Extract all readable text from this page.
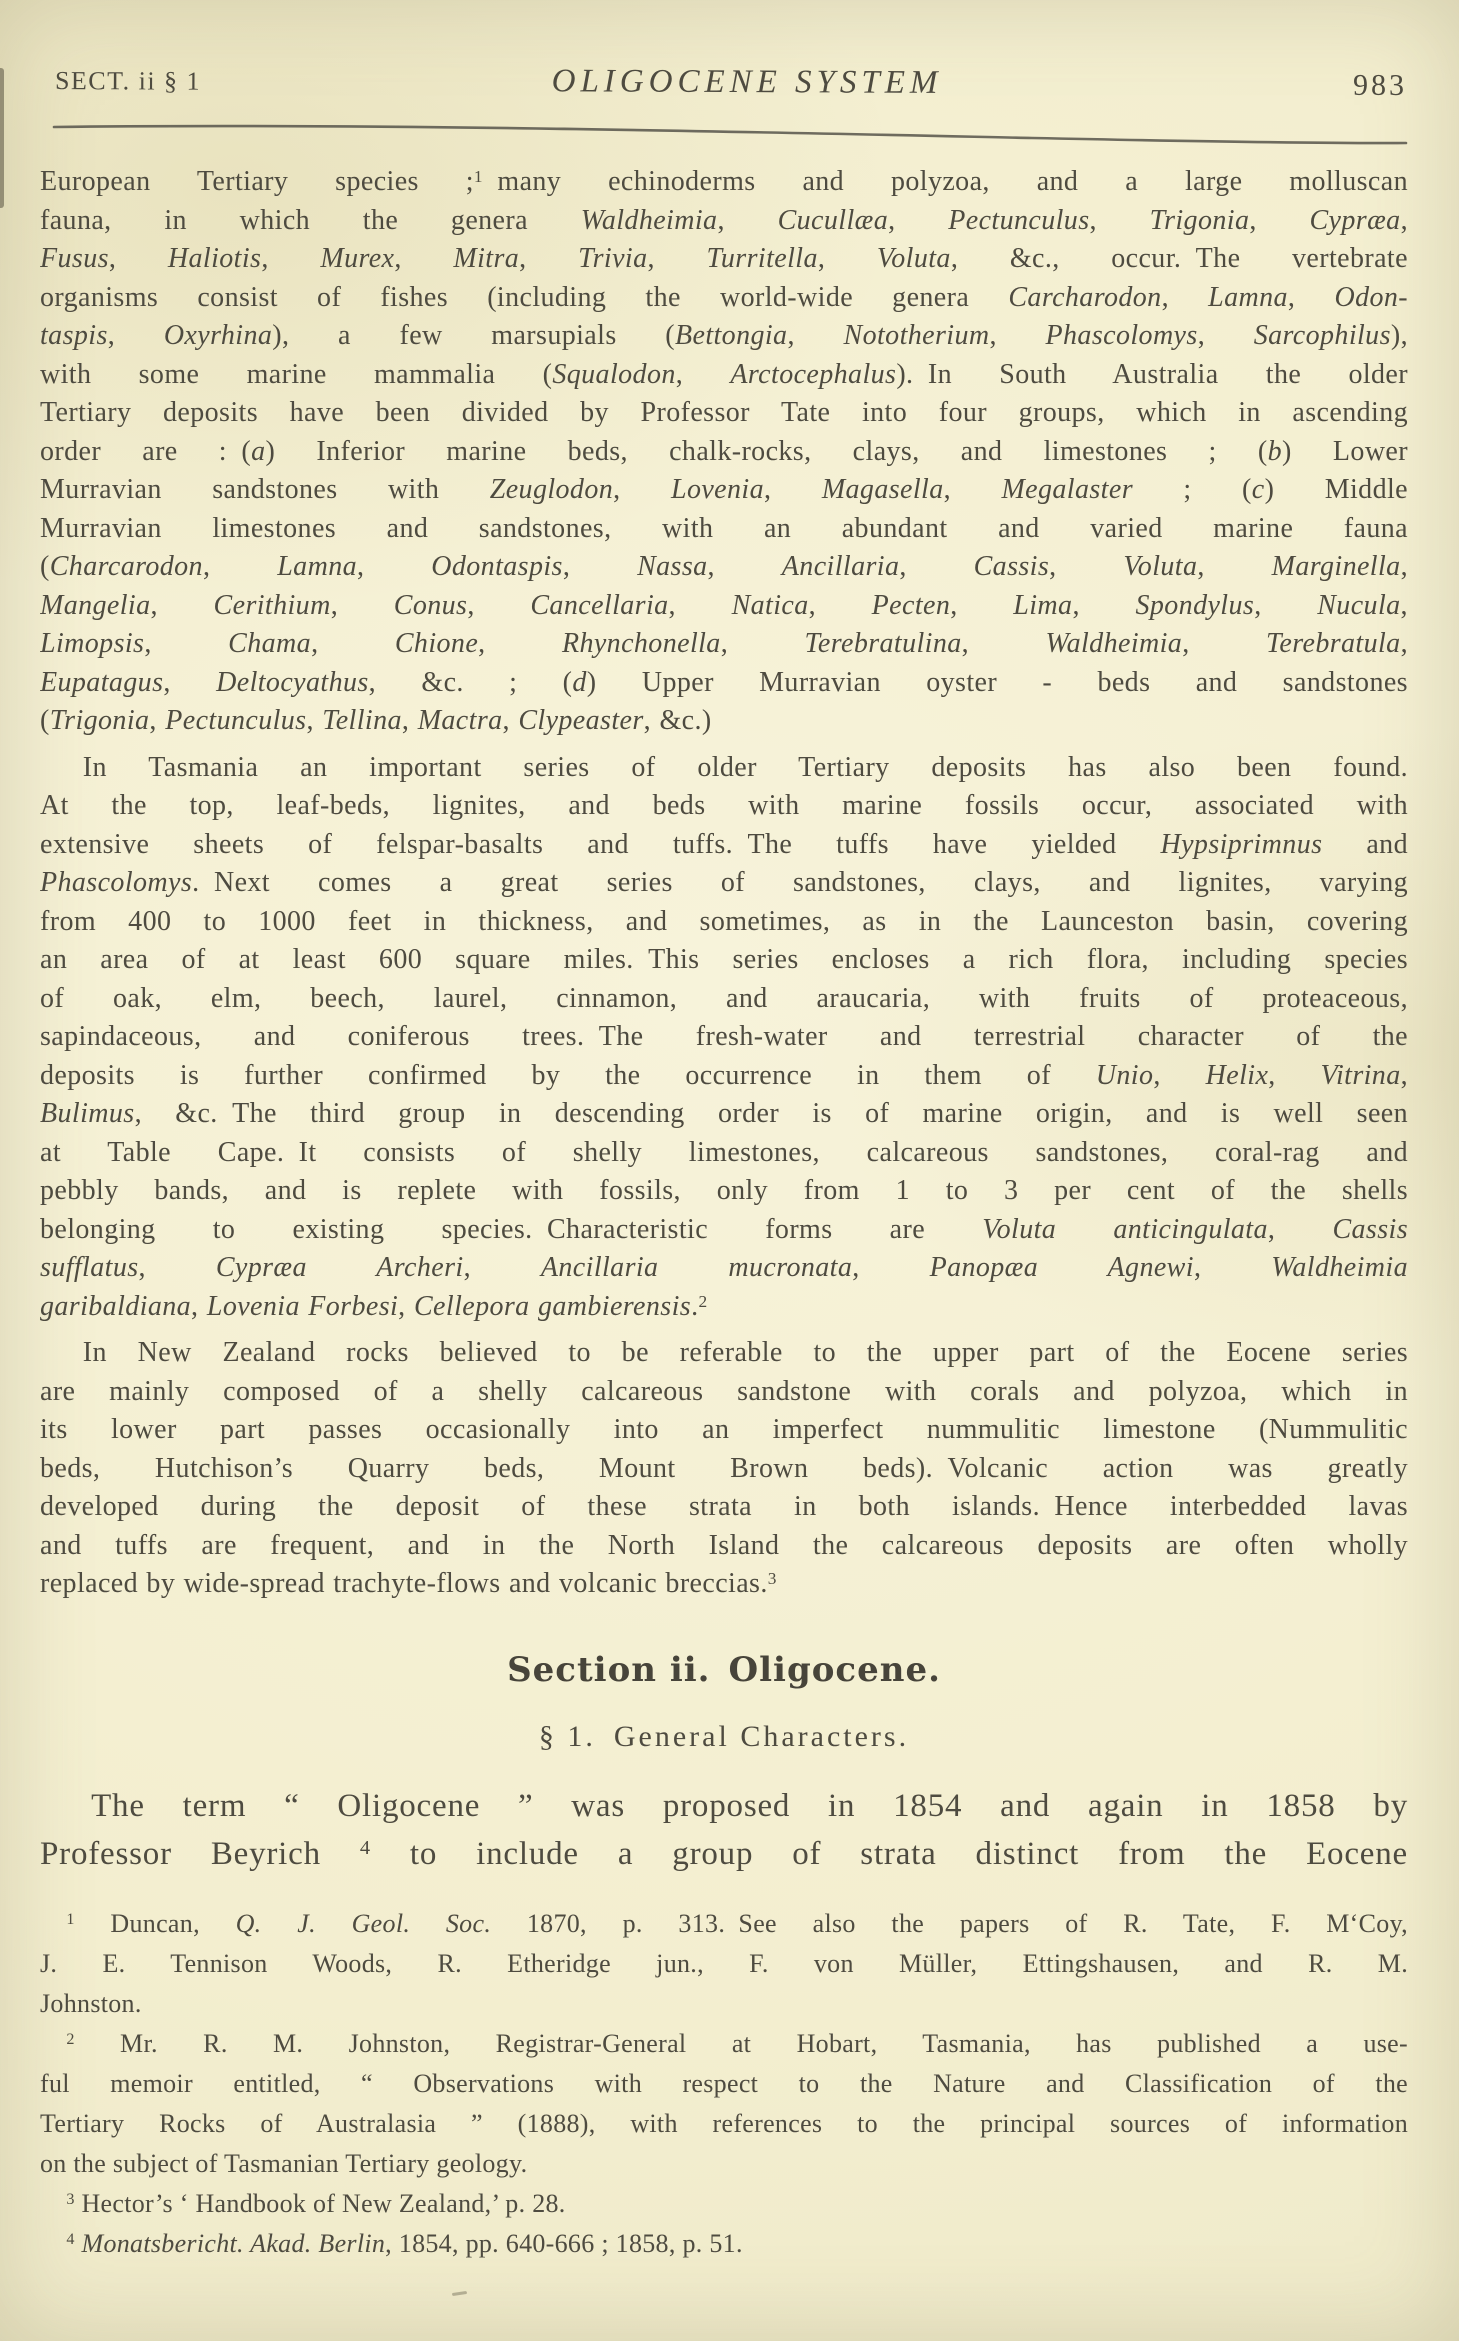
SECT. ii § 1	OLIGOCENE SYSTEM	983
European Tertiary species ;$^1$ many echinoderms and polyzoa, and a large molluscan
fauna, in which the genera Waldheimia, Cucullæa, Pectunculus, Trigonia, Cypræa,
Fusus, Haliotis, Murex, Mitra, Trivia, Turritella, Voluta, &c., occur. The vertebrate
organisms consist of fishes (including the world-wide genera Carcharodon, Lamna, Odon-
taspis, Oxyrhina), a few marsupials (Bettongia, Nototherium, Phascolomys, Sarcophilus),
with some marine mammalia (Squalodon, Arctocephalus). In South Australia the older
Tertiary deposits have been divided by Professor Tate into four groups, which in ascending
order are : (a) Inferior marine beds, chalk-rocks, clays, and limestones ; (b) Lower
Murravian sandstones with Zeuglodon, Lovenia, Magasella, Megalaster ; (c) Middle
Murravian limestones and sandstones, with an abundant and varied marine fauna
(Charcarodon, Lamna, Odontaspis, Nassa, Ancillaria, Cassis, Voluta, Marginella,
Mangelia, Cerithium, Conus, Cancellaria, Natica, Pecten, Lima, Spondylus, Nucula,
Limopsis, Chama, Chione, Rhynchonella, Terebratulina, Waldheimia, Terebratula,
Eupatagus, Deltocyathus, &c. ; (d) Upper Murravian oyster - beds and sandstones
(Trigonia, Pectunculus, Tellina, Mactra, Clypeaster, &c.)
  In Tasmania an important series of older Tertiary deposits has also been found.
At the top, leaf-beds, lignites, and beds with marine fossils occur, associated with
extensive sheets of felspar-basalts and tuffs. The tuffs have yielded Hypsiprimnus and
Phascolomys. Next comes a great series of sandstones, clays, and lignites, varying
from 400 to 1000 feet in thickness, and sometimes, as in the Launceston basin, covering
an area of at least 600 square miles. This series encloses a rich flora, including species
of oak, elm, beech, laurel, cinnamon, and araucaria, with fruits of proteaceous,
sapindaceous, and coniferous trees. The fresh-water and terrestrial character of the
deposits is further confirmed by the occurrence in them of Unio, Helix, Vitrina,
Bulimus, &c. The third group in descending order is of marine origin, and is well seen
at Table Cape. It consists of shelly limestones, calcareous sandstones, coral-rag and
pebbly bands, and is replete with fossils, only from 1 to 3 per cent of the shells
belonging to existing species. Characteristic forms are Voluta anticingulata, Cassis
sufflatus, Cypræa Archeri, Ancillaria mucronata, Panopæa Agnewi, Waldheimia
garibaldiana, Lovenia Forbesi, Cellepora gambierensis.$^2$
  In New Zealand rocks believed to be referable to the upper part of the Eocene series
are mainly composed of a shelly calcareous sandstone with corals and polyzoa, which in
its lower part passes occasionally into an imperfect nummulitic limestone (Nummulitic
beds, Hutchison’s Quarry beds, Mount Brown beds). Volcanic action was greatly
developed during the deposit of these strata in both islands. Hence interbedded lavas
and tuffs are frequent, and in the North Island the calcareous deposits are often wholly
replaced by wide-spread trachyte-flows and volcanic breccias.$^3$
Section ii. Oligocene.
§ 1. General Characters.
  The term “ Oligocene ” was proposed in 1854 and again in 1858 by
Professor Beyrich $^4$ to include a group of strata distinct from the Eocene
 $^1$ Duncan, Q. J. Geol. Soc. 1870, p. 313. See also the papers of R. Tate, F. M‘Coy,
J. E. Tennison Woods, R. Etheridge jun., F. von Müller, Ettingshausen, and R. M.
Johnston.
 $^2$ Mr. R. M. Johnston, Registrar-General at Hobart, Tasmania, has published a use-
ful memoir entitled, “ Observations with respect to the Nature and Classification of the
Tertiary Rocks of Australasia ” (1888), with references to the principal sources of information
on the subject of Tasmanian Tertiary geology.
 $^3$ Hector’s ‘ Handbook of New Zealand,’ p. 28.
 $^4$ Monatsbericht. Akad. Berlin, 1854, pp. 640-666 ; 1858, p. 51.
